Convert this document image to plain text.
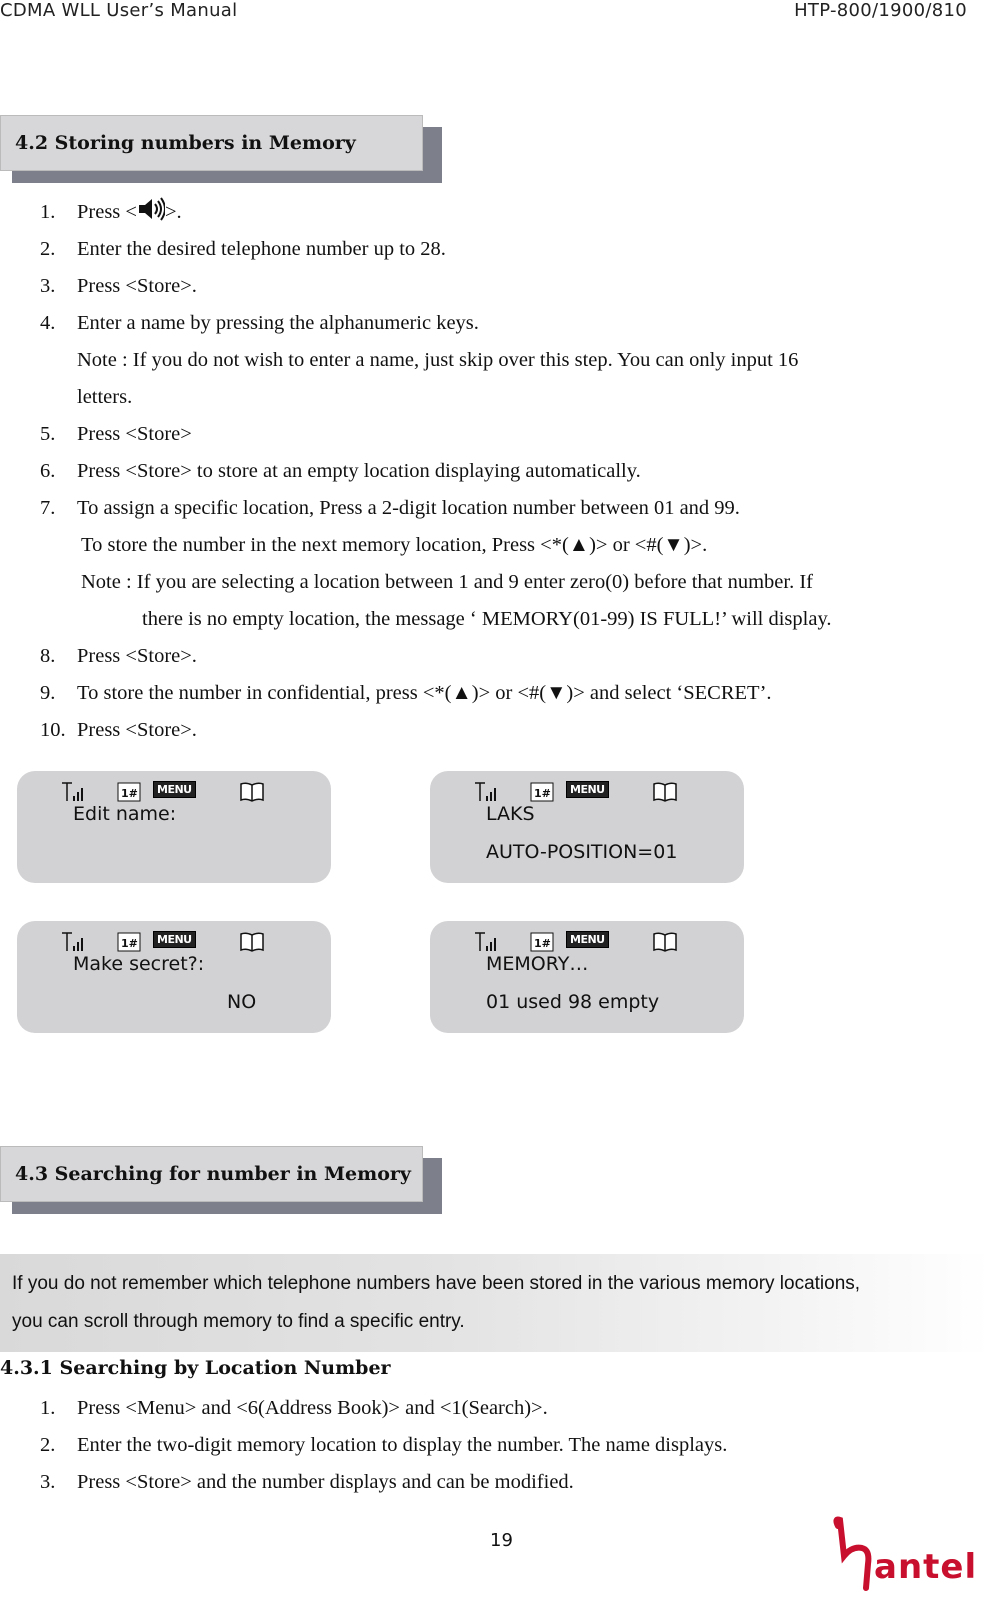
CDMA WLL User’s Manual	HTP-800/1900/810
4.2 Storing numbers in Memory
1. Press < >.
2. Enter the desired telephone number up to 28.
3. Press <Store>.
4. Enter a name by pressing the alphanumeric keys.
Note : If you do not wish to enter a name, just skip over this step. You can only input 16
letters.
5. Press <Store>
6. Press <Store> to store at an empty location displaying automatically.
7. To assign a specific location, Press a 2-digit location number between 01 and 99.
To store the number in the next memory location, Press <*(▲)> or <#(▼)>.
Note : If you are selecting a location between 1 and 9 enter zero(0) before that number. If
there is no empty location, the message ‘ MEMORY(01-99) IS FULL!’ will display.
8. Press <Store>.
9. To store the number in confidential, press <*(▲)> or <#(▼)> and select ‘SECRET’.
10. Press <Store>.
1#	MENU
Edit name:
1#	MENU
LAKS
AUTO-POSITION=01
1#	MENU
Make secret?:
NO
1#	MENU
MEMORY…
01 used 98 empty
4.3 Searching for number in Memory
If you do not remember which telephone numbers have been stored in the various memory locations,
you can scroll through memory to find a specific entry.
4.3.1 Searching by Location Number
1. Press <Menu> and <6(Address Book)> and <1(Search)>.
2. Enter the two-digit memory location to display the number. The name displays.
3. Press <Store> and the number displays and can be modified.
19
antel
